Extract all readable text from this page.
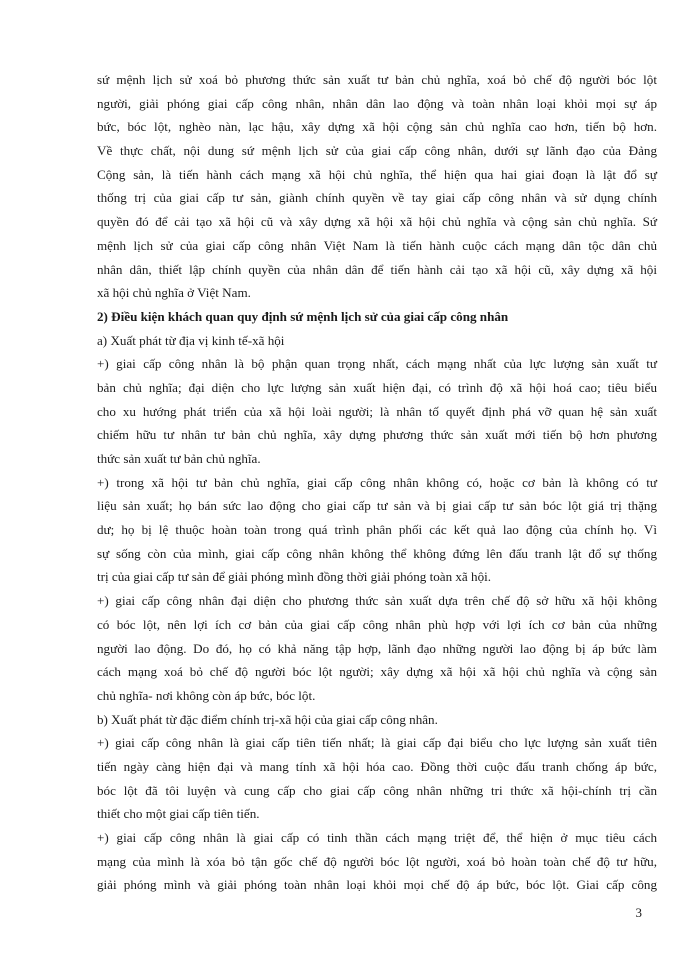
sứ mệnh lịch sử xoá bỏ phương thức sản xuất tư bản chủ nghĩa, xoá bỏ chế độ người bóc lột
người, giải phóng giai cấp công nhân, nhân dân lao động và toàn nhân loại khỏi mọi sự áp
bức, bóc lột, nghèo nàn, lạc hậu, xây dựng xã hội cộng sản chủ nghĩa cao hơn, tiến bộ hơn.
Về thực chất, nội dung sứ mệnh lịch sử của giai cấp công nhân, dưới sự lãnh đạo của Đảng
Cộng sản, là tiến hành cách mạng xã hội chủ nghĩa, thể hiện qua hai giai đoạn là lật đổ sự
thống trị của giai cấp tư sản, giành chính quyền về tay giai cấp công nhân và sử dụng chính
quyền đó để cải tạo xã hội cũ và xây dựng xã hội xã hội chủ nghĩa và cộng sản chủ nghĩa. Sứ
mệnh lịch sử của giai cấp công nhân Việt Nam là tiến hành cuộc cách mạng dân tộc dân chủ
nhân dân, thiết lập chính quyền của nhân dân để tiến hành cải tạo xã hội cũ, xây dựng xã hội
xã hội chủ nghĩa ở Việt Nam.
2) Điều kiện khách quan quy định sứ mệnh lịch sử của giai cấp công nhân
a) Xuất phát từ địa vị kinh tế-xã hội
+) giai cấp công nhân là bộ phận quan trọng nhất, cách mạng nhất của lực lượng sản xuất tư
bản chủ nghĩa; đại diện cho lực lượng sản xuất hiện đại, có trình độ xã hội hoá cao; tiêu biểu
cho xu hướng phát triển của xã hội loài người; là nhân tố quyết định phá vỡ quan hệ sản xuất
chiếm hữu tư nhân tư bản chủ nghĩa, xây dựng phương thức sản xuất mới tiến bộ hơn phương
thức sản xuất tư bản chủ nghĩa.
+) trong xã hội tư bản chủ nghĩa, giai cấp công nhân không có, hoặc cơ bản là không có tư
liệu sản xuất; họ bán sức lao động cho giai cấp tư sản và bị giai cấp tư sản bóc lột giá trị thặng
dư; họ bị lệ thuộc hoàn toàn trong quá trình phân phối các kết quả lao động của chính họ. Vì
sự sống còn của mình, giai cấp công nhân không thể không đứng lên đấu tranh lật đổ sự thống
trị của giai cấp tư sản để giải phóng mình đồng thời giải phóng toàn xã hội.
+) giai cấp công nhân đại diện cho phương thức sản xuất dựa trên chế độ sở hữu xã hội không
có bóc lột, nên lợi ích cơ bản của giai cấp công nhân phù hợp với lợi ích cơ bản của những
người lao động. Do đó, họ có khả năng tập hợp, lãnh đạo những người lao động bị áp bức làm
cách mạng xoá bỏ chế độ người bóc lột người; xây dựng xã hội xã hội chủ nghĩa và cộng sản
chủ nghĩa- nơi không còn áp bức, bóc lột.
b) Xuất phát từ đặc điểm chính trị-xã hội của giai cấp công nhân.
+) giai cấp công nhân là giai cấp tiên tiến nhất; là giai cấp đại biểu cho lực lượng sản xuất tiên
tiến ngày càng hiện đại và mang tính xã hội hóa cao. Đồng thời cuộc đấu tranh chống áp bức,
bóc lột đã tôi luyện và cung cấp cho giai cấp công nhân những tri thức xã hội-chính trị cần
thiết cho một giai cấp tiên tiến.
+) giai cấp công nhân là giai cấp có tinh thần cách mạng triệt để, thể hiện ở mục tiêu cách
mạng của mình là xóa bỏ tận gốc chế độ người bóc lột người, xoá bỏ hoàn toàn chế độ tư hữu,
giải phóng mình và giải phóng toàn nhân loại khỏi mọi chế độ áp bức, bóc lột. Giai cấp công
3
